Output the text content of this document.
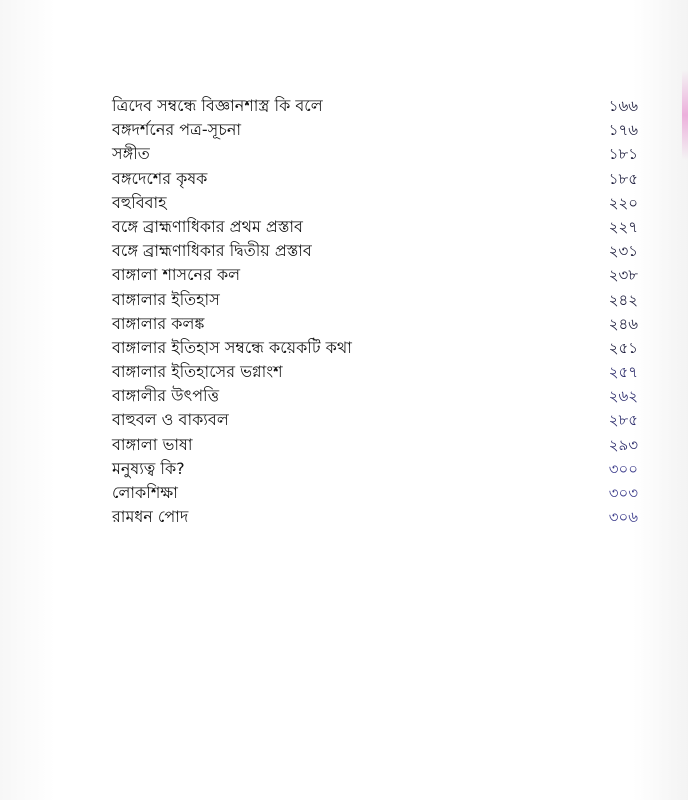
ত্রিদেব সম্বন্ধে বিজ্ঞানশাস্ত্র কি বলে	১৬৬
বঙ্গদর্শনের পত্র-সূচনা	১৭৬
সঙ্গীত	১৮১
বঙ্গদেশের কৃষক	১৮৫
বহুবিবাহ	২২০
বঙ্গে ব্রাহ্মণাধিকার প্রথম প্রস্তাব	২২৭
বঙ্গে ব্রাহ্মণাধিকার দ্বিতীয় প্রস্তাব	২৩১
বাঙ্গালা শাসনের কল	২৩৮
বাঙ্গালার ইতিহাস	২৪২
বাঙ্গালার কলঙ্ক	২৪৬
বাঙ্গালার ইতিহাস সম্বন্ধে কয়েকটি কথা	২৫১
বাঙ্গালার ইতিহাসের ভগ্নাংশ	২৫৭
বাঙ্গালীর উৎপত্তি	২৬২
বাহুবল ও বাক্যবল	২৮৫
বাঙ্গালা ভাষা	২৯৩
মনুষ্যত্ব কি?	৩০০
লোকশিক্ষা	৩০৩
রামধন পোদ	৩০৬
